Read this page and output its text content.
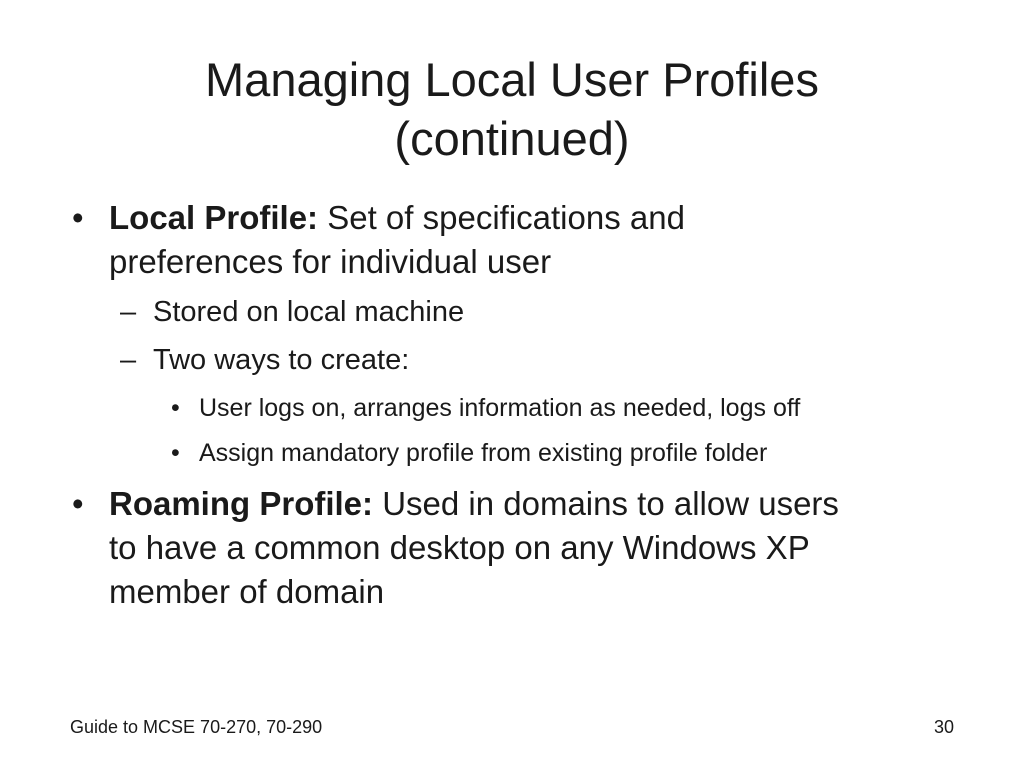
Managing Local User Profiles
(continued)
• Local Profile: Set of specifications and
preferences for individual user
– Stored on local machine
– Two ways to create:
• User logs on, arranges information as needed, logs off
• Assign mandatory profile from existing profile folder
• Roaming Profile: Used in domains to allow users
to have a common desktop on any Windows XP
member of domain
Guide to MCSE 70-270, 70-290	30
